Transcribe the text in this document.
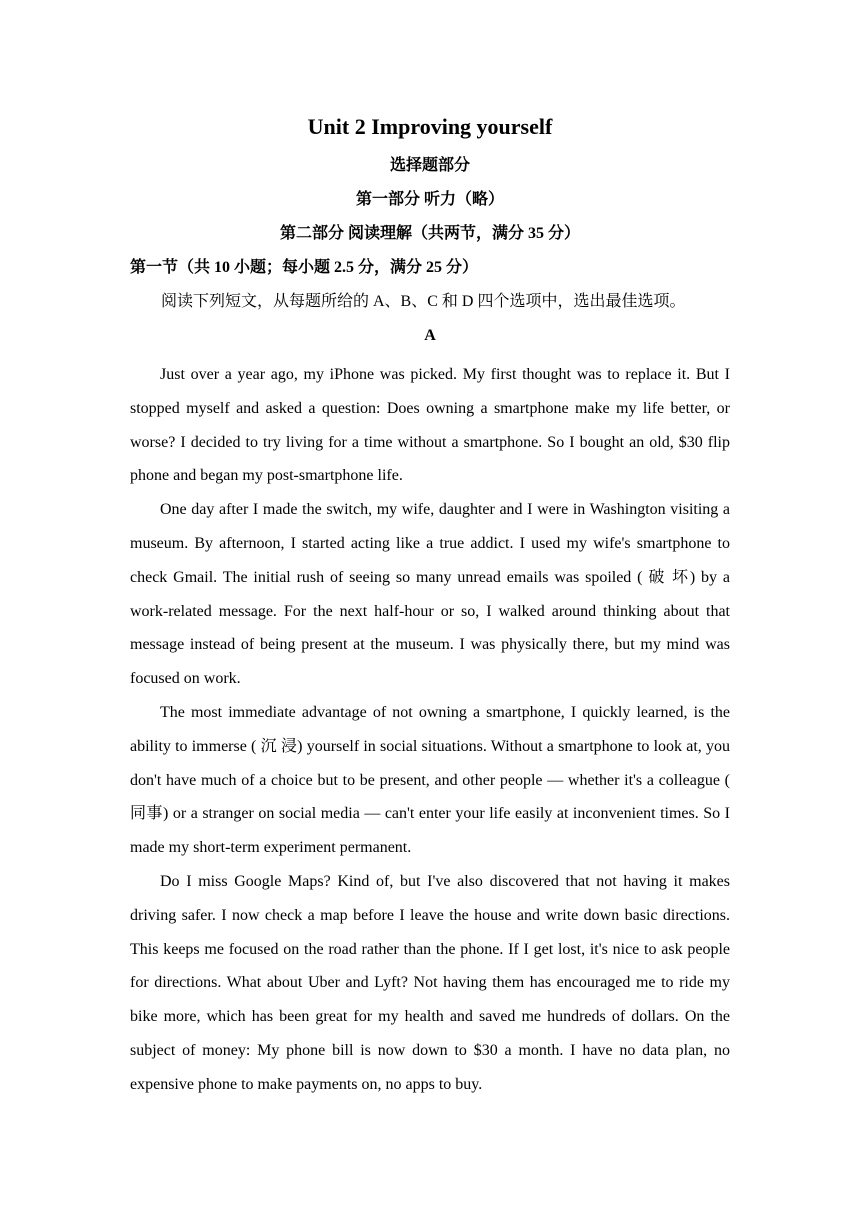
Unit 2 Improving yourself

选择题部分

第一部分 听力（略）

第二部分 阅读理解（共两节，满分 35 分）

第一节（共 10 小题；每小题 2.5 分，满分 25 分）

阅读下列短文，从每题所给的 A、B、C 和 D 四个选项中，选出最佳选项。

A

Just over a year ago, my iPhone was picked. My first thought was to replace it. But I stopped myself and asked a question: Does owning a smartphone make my life better, or worse? I decided to try living for a time without a smartphone. So I bought an old, $30 flip phone and began my post-smartphone life.

One day after I made the switch, my wife, daughter and I were in Washington visiting a museum. By afternoon, I started acting like a true addict. I used my wife's smartphone to check Gmail. The initial rush of seeing so many unread emails was spoiled ( 破 坏) by a work-related message. For the next half-hour or so, I walked around thinking about that message instead of being present at the museum. I was physically there, but my mind was focused on work.

The most immediate advantage of not owning a smartphone, I quickly learned, is the ability to immerse ( 沉 浸) yourself in social situations. Without a smartphone to look at, you don't have much of a choice but to be present, and other people — whether it's a colleague ( 同事) or a stranger on social media — can't enter your life easily at inconvenient times. So I made my short-term experiment permanent.

Do I miss Google Maps? Kind of, but I've also discovered that not having it makes driving safer. I now check a map before I leave the house and write down basic directions. This keeps me focused on the road rather than the phone. If I get lost, it's nice to ask people for directions. What about Uber and Lyft? Not having them has encouraged me to ride my bike more, which has been great for my health and saved me hundreds of dollars. On the subject of money: My phone bill is now down to $30 a month. I have no data plan, no expensive phone to make payments on, no apps to buy.
